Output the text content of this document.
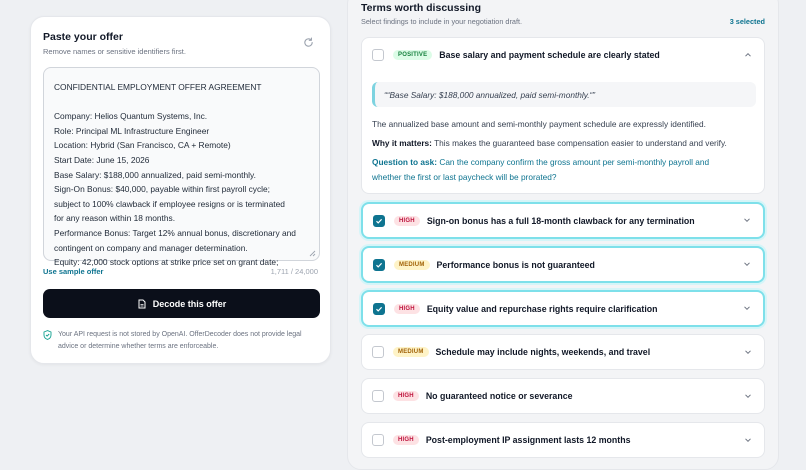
Paste your offer
Remove names or sensitive identifiers first.
CONFIDENTIAL EMPLOYMENT OFFER AGREEMENT
Company: Helios Quantum Systems, Inc.
Role: Principal ML Infrastructure Engineer
Location: Hybrid (San Francisco, CA + Remote)
Start Date: June 15, 2026
Base Salary: $188,000 annualized, paid semi-monthly.
Sign-On Bonus: $40,000, payable within first payroll cycle;
subject to 100% clawback if employee resigns or is terminated
for any reason within 18 months.
Performance Bonus: Target 12% annual bonus, discretionary and
contingent on company and manager determination.
Equity: 42,000 stock options at strike price set on grant date;
Use sample offer	1,711 / 24,000
Decode this offer

Your API request is not stored by OpenAI. OfferDecoder does not provide legal advice or determine whether terms are enforceable.

Terms worth discussing
Select findings to include in your negotiation draft.	3 selected
POSITIVE	Base salary and payment schedule are clearly stated
““Base Salary: $188,000 annualized, paid semi-monthly.“”
The annualized base amount and semi-monthly payment schedule are expressly identified.
Why it matters: This makes the guaranteed base compensation easier to understand and verify.
Question to ask: Can the company confirm the gross amount per semi-monthly payroll and
whether the first or last paycheck will be prorated?
HIGH	Sign-on bonus has a full 18-month clawback for any termination
MEDIUM	Performance bonus is not guaranteed
HIGH	Equity value and repurchase rights require clarification
MEDIUM	Schedule may include nights, weekends, and travel
HIGH	No guaranteed notice or severance
HIGH	Post-employment IP assignment lasts 12 months
